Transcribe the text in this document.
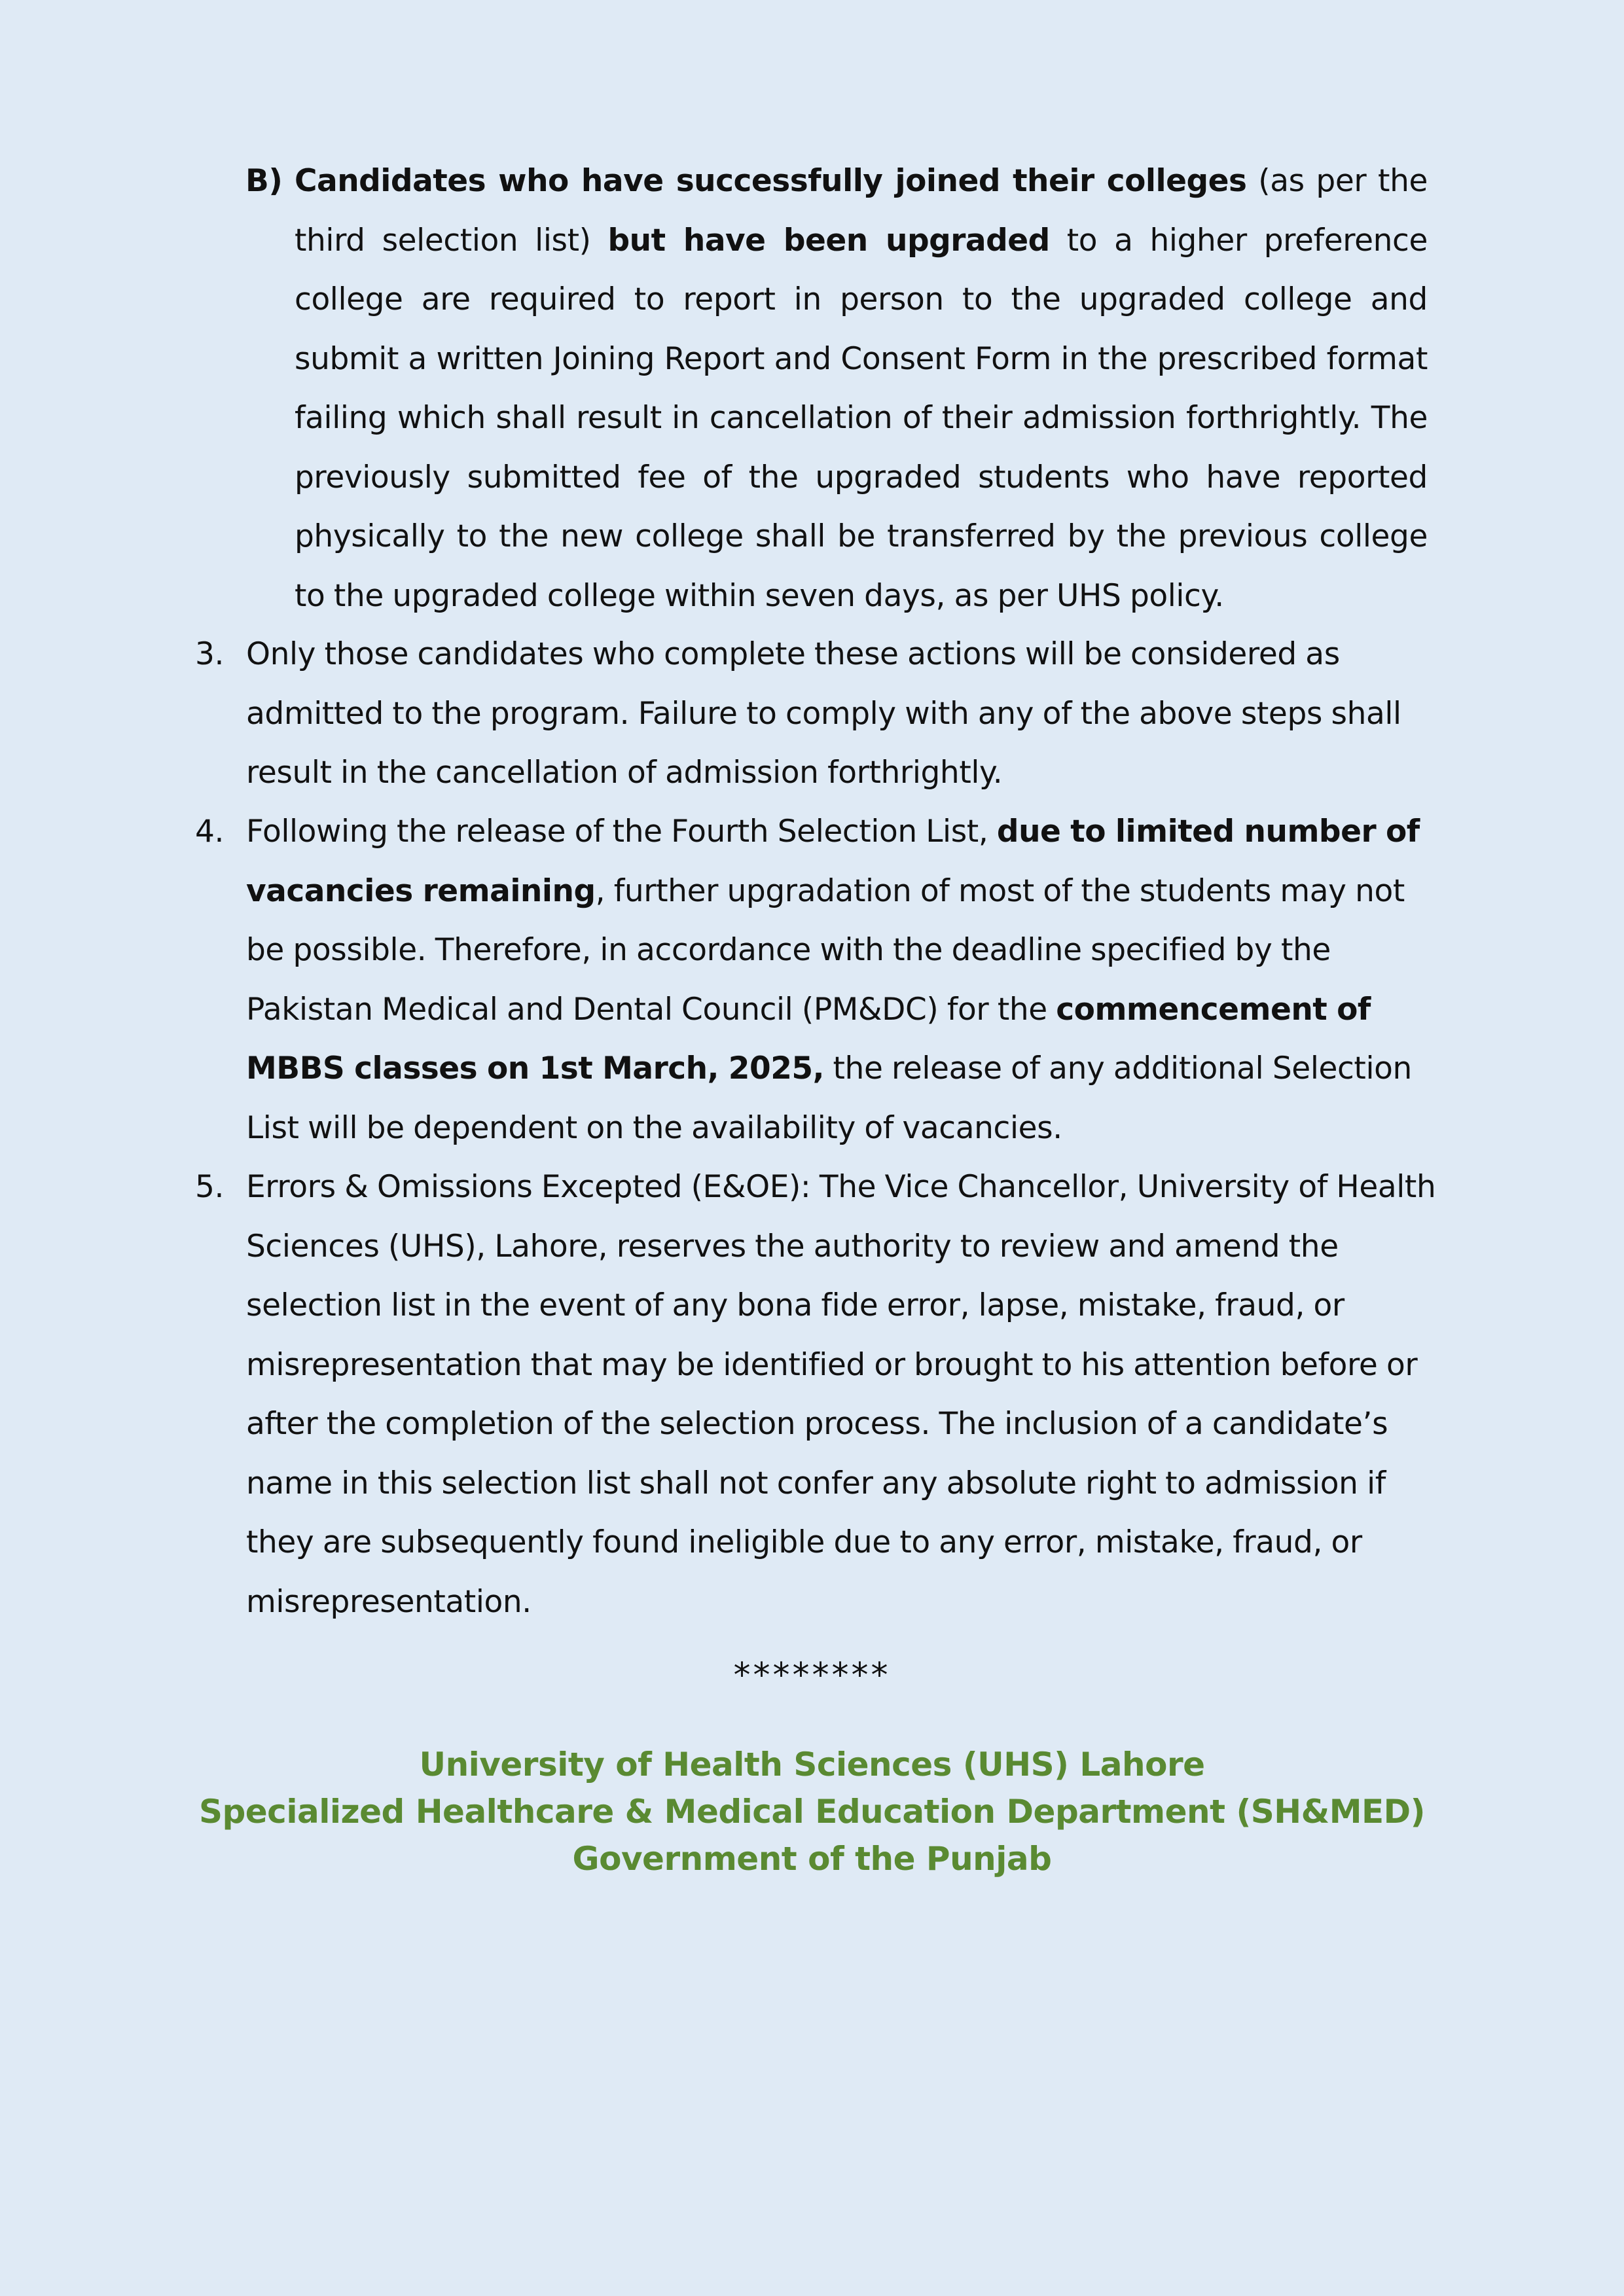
B) Candidates who have successfully joined their colleges (as per the third selection list) but have been upgraded to a higher preference college are required to report in person to the upgraded college and submit a written Joining Report and Consent Form in the prescribed format failing which shall result in cancellation of their admission forthrightly. The previously submitted fee of the upgraded students who have reported physically to the new college shall be transferred by the previous college to the upgraded college within seven days, as per UHS policy.
3. Only those candidates who complete these actions will be considered as admitted to the program. Failure to comply with any of the above steps shall result in the cancellation of admission forthrightly.
4. Following the release of the Fourth Selection List, due to limited number of vacancies remaining, further upgradation of most of the students may not be possible. Therefore, in accordance with the deadline specified by the Pakistan Medical and Dental Council (PM&DC) for the commencement of MBBS classes on 1st March, 2025, the release of any additional Selection List will be dependent on the availability of vacancies.
5. Errors & Omissions Excepted (E&OE): The Vice Chancellor, University of Health Sciences (UHS), Lahore, reserves the authority to review and amend the selection list in the event of any bona fide error, lapse, mistake, fraud, or misrepresentation that may be identified or brought to his attention before or after the completion of the selection process. The inclusion of a candidate’s name in this selection list shall not confer any absolute right to admission if they are subsequently found ineligible due to any error, mistake, fraud, or misrepresentation.
********
University of Health Sciences (UHS) Lahore
Specialized Healthcare & Medical Education Department (SH&MED)
Government of the Punjab
